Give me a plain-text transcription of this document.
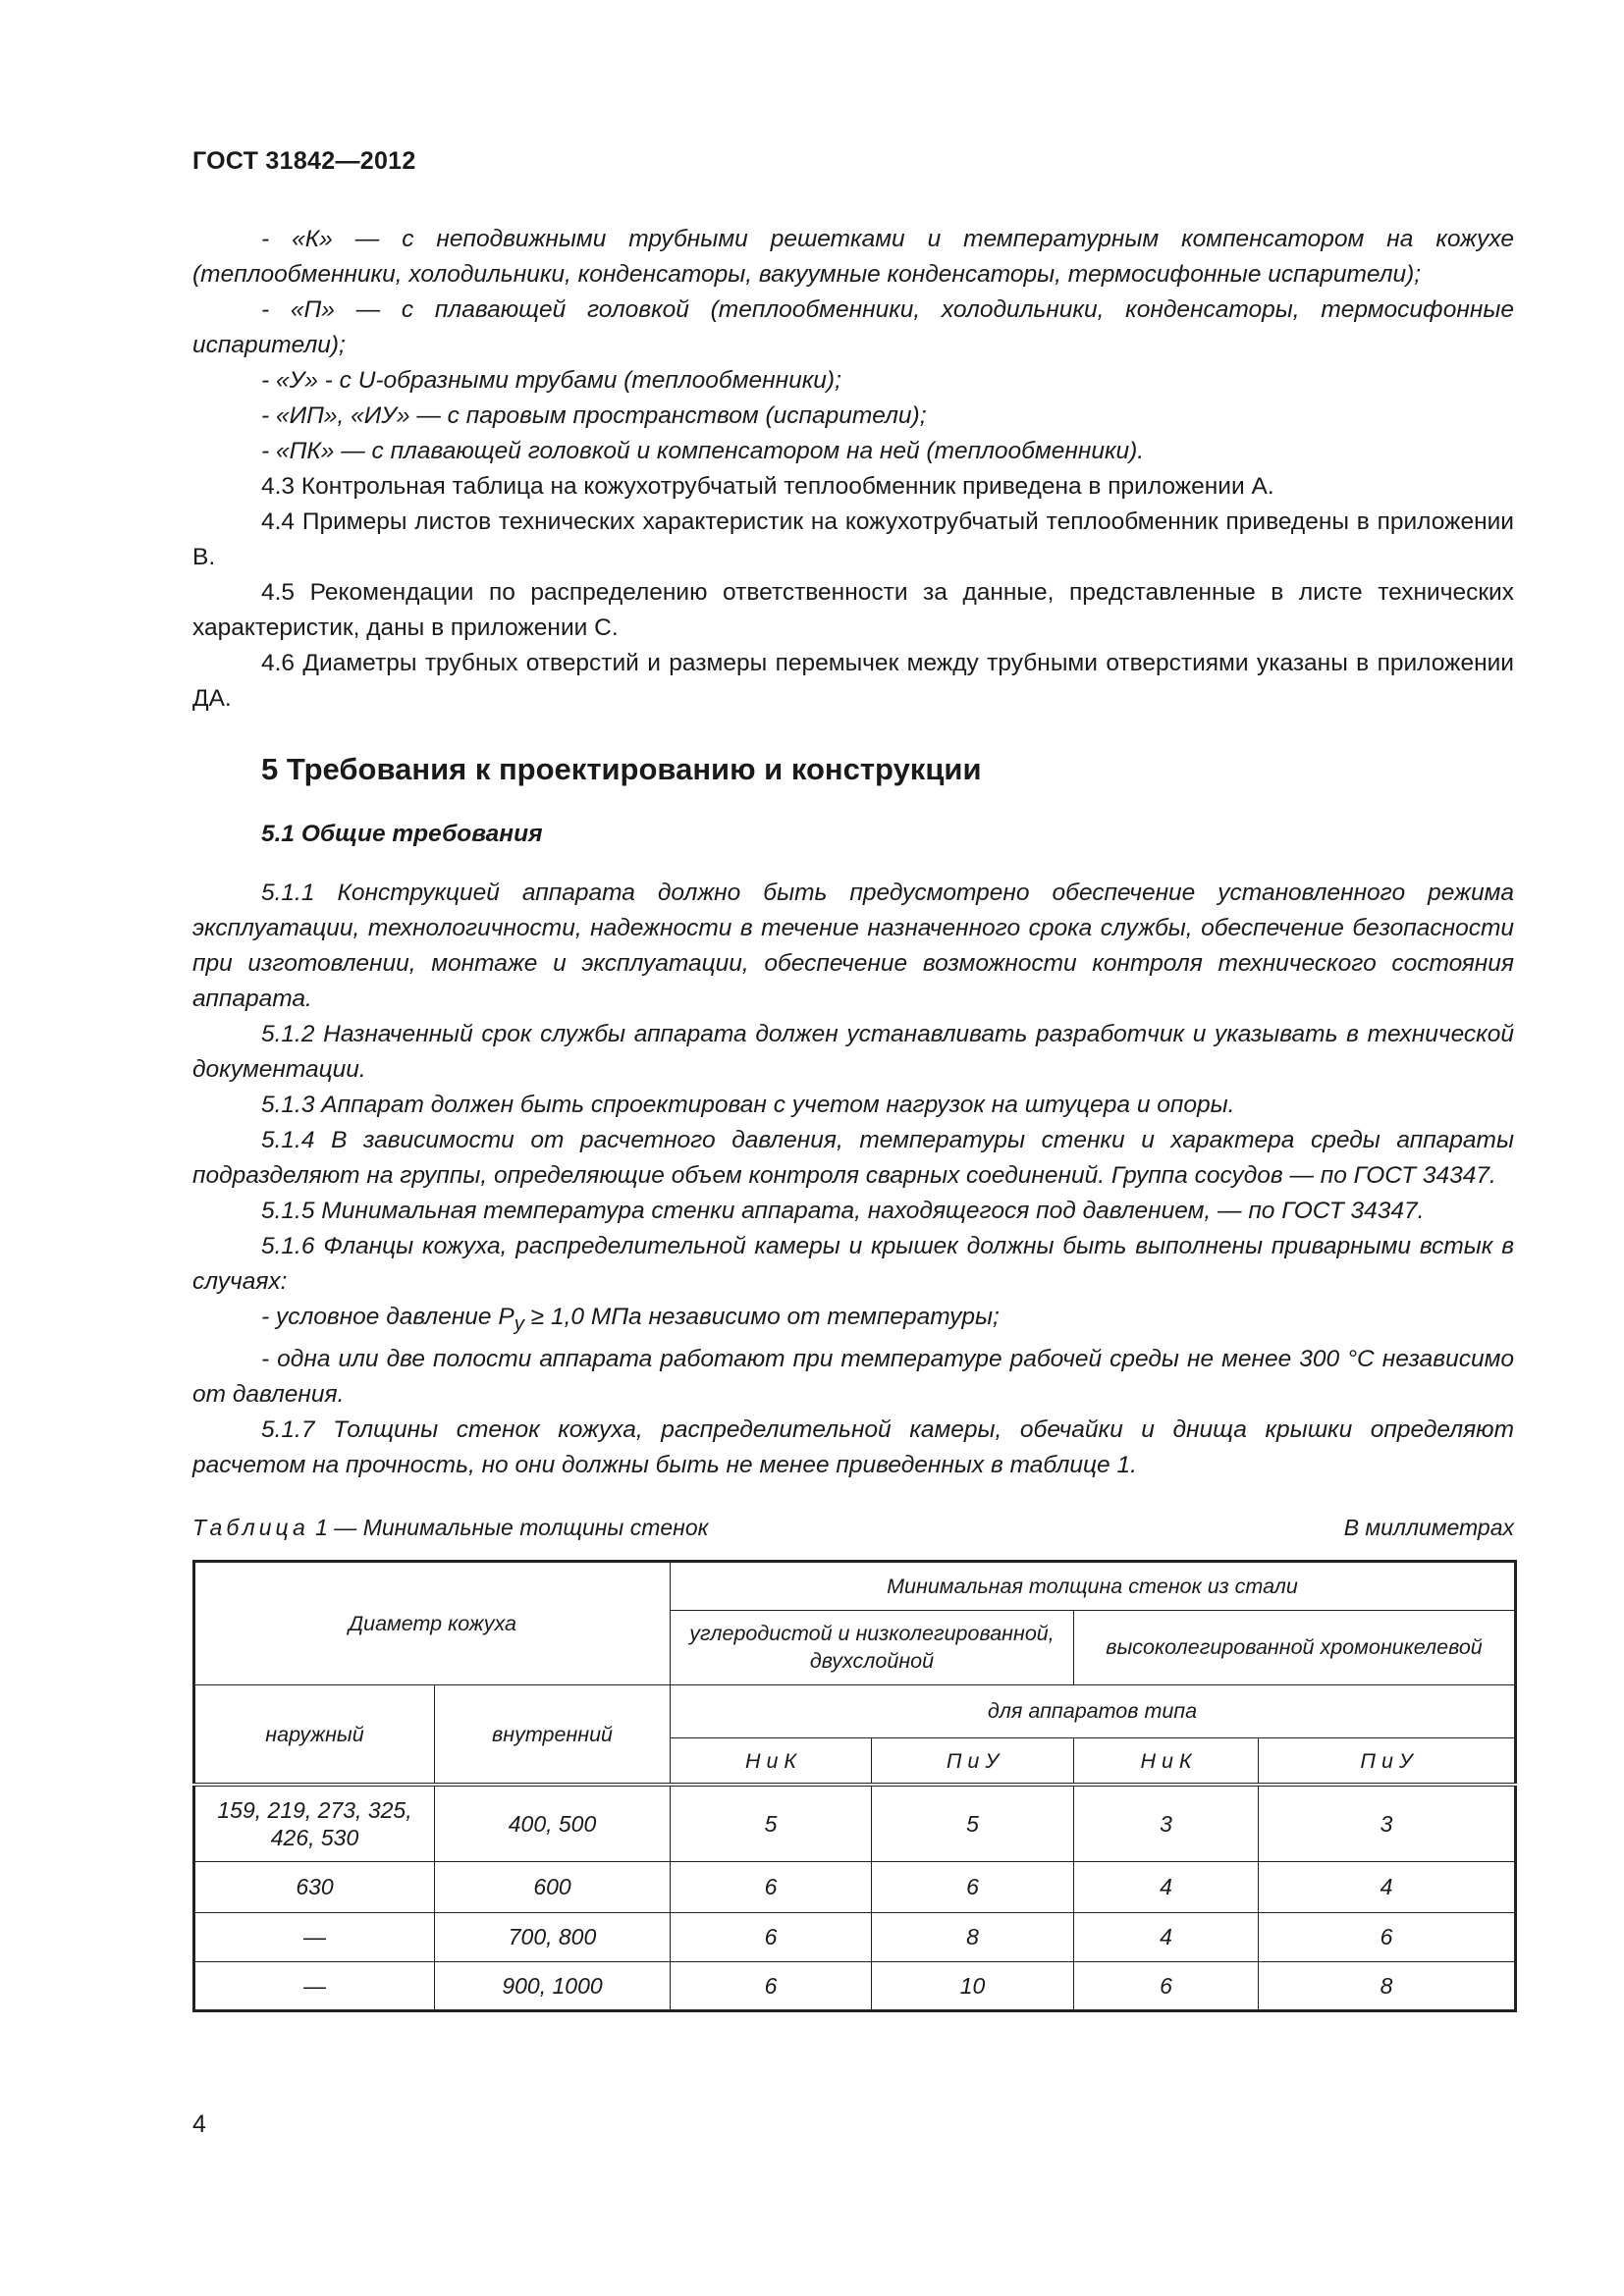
ГОСТ 31842—2012

- «К» — с неподвижными трубными решетками и температурным компенсатором на кожухе (теплообменники, холодильники, конденсаторы, вакуумные конденсаторы, термосифонные испарители);

- «П» — с плавающей головкой (теплообменники, холодильники, конденсаторы, термосифонные испарители);

- «У» - с U-образными трубами (теплообменники);

- «ИП», «ИУ» — с паровым пространством (испарители);

- «ПК» — с плавающей головкой и компенсатором на ней (теплообменники).

4.3 Контрольная таблица на кожухотрубчатый теплообменник приведена в приложении А.

4.4 Примеры листов технических характеристик на кожухотрубчатый теплообменник приведены в приложении В.

4.5 Рекомендации по распределению ответственности за данные, представленные в листе технических характеристик, даны в приложении С.

4.6 Диаметры трубных отверстий и размеры перемычек между трубными отверстиями указаны в приложении ДА.

5 Требования к проектированию и конструкции
5.1 Общие требования

5.1.1 Конструкцией аппарата должно быть предусмотрено обеспечение установленного режима эксплуатации, технологичности, надежности в течение назначенного срока службы, обеспечение безопасности при изготовлении, монтаже и эксплуатации, обеспечение возможности контроля технического состояния аппарата.

5.1.2 Назначенный срок службы аппарата должен устанавливать разработчик и указывать в технической документации.

5.1.3 Аппарат должен быть спроектирован с учетом нагрузок на штуцера и опоры.

5.1.4 В зависимости от расчетного давления, температуры стенки и характера среды аппараты подразделяют на группы, определяющие объем контроля сварных соединений. Группа сосудов — по ГОСТ 34347.

5.1.5 Минимальная температура стенки аппарата, находящегося под давлением, — по ГОСТ 34347.

5.1.6 Фланцы кожуха, распределительной камеры и крышек должны быть выполнены приварными встык в случаях:

- условное давление $P_y \ge 1,0$ МПа независимо от температуры;

- одна или две полости аппарата работают при температуре рабочей среды не менее 300 °С независимо от давления.

5.1.7 Толщины стенок кожуха, распределительной камеры, обечайки и днища крышки определяют расчетом на прочность, но они должны быть не менее приведенных в таблице 1.

Таблица 1 — Минимальные толщины стенок	В миллиметрах
Диаметр кожуха		Минимальная толщина стенок из стали			
		углеродистой и низколегированной, двухслойной		высоколегированной хромоникелевой	
наружный	внутренний	для аппаратов типа			
		Н и К	П и У	Н и К	П и У
159, 219, 273, 325, 426, 530	400, 500	5	5	3	3
630	600	6	6	4	4
—	700, 800	6	8	4	6
—	900, 1000	6	10	6	8
4
